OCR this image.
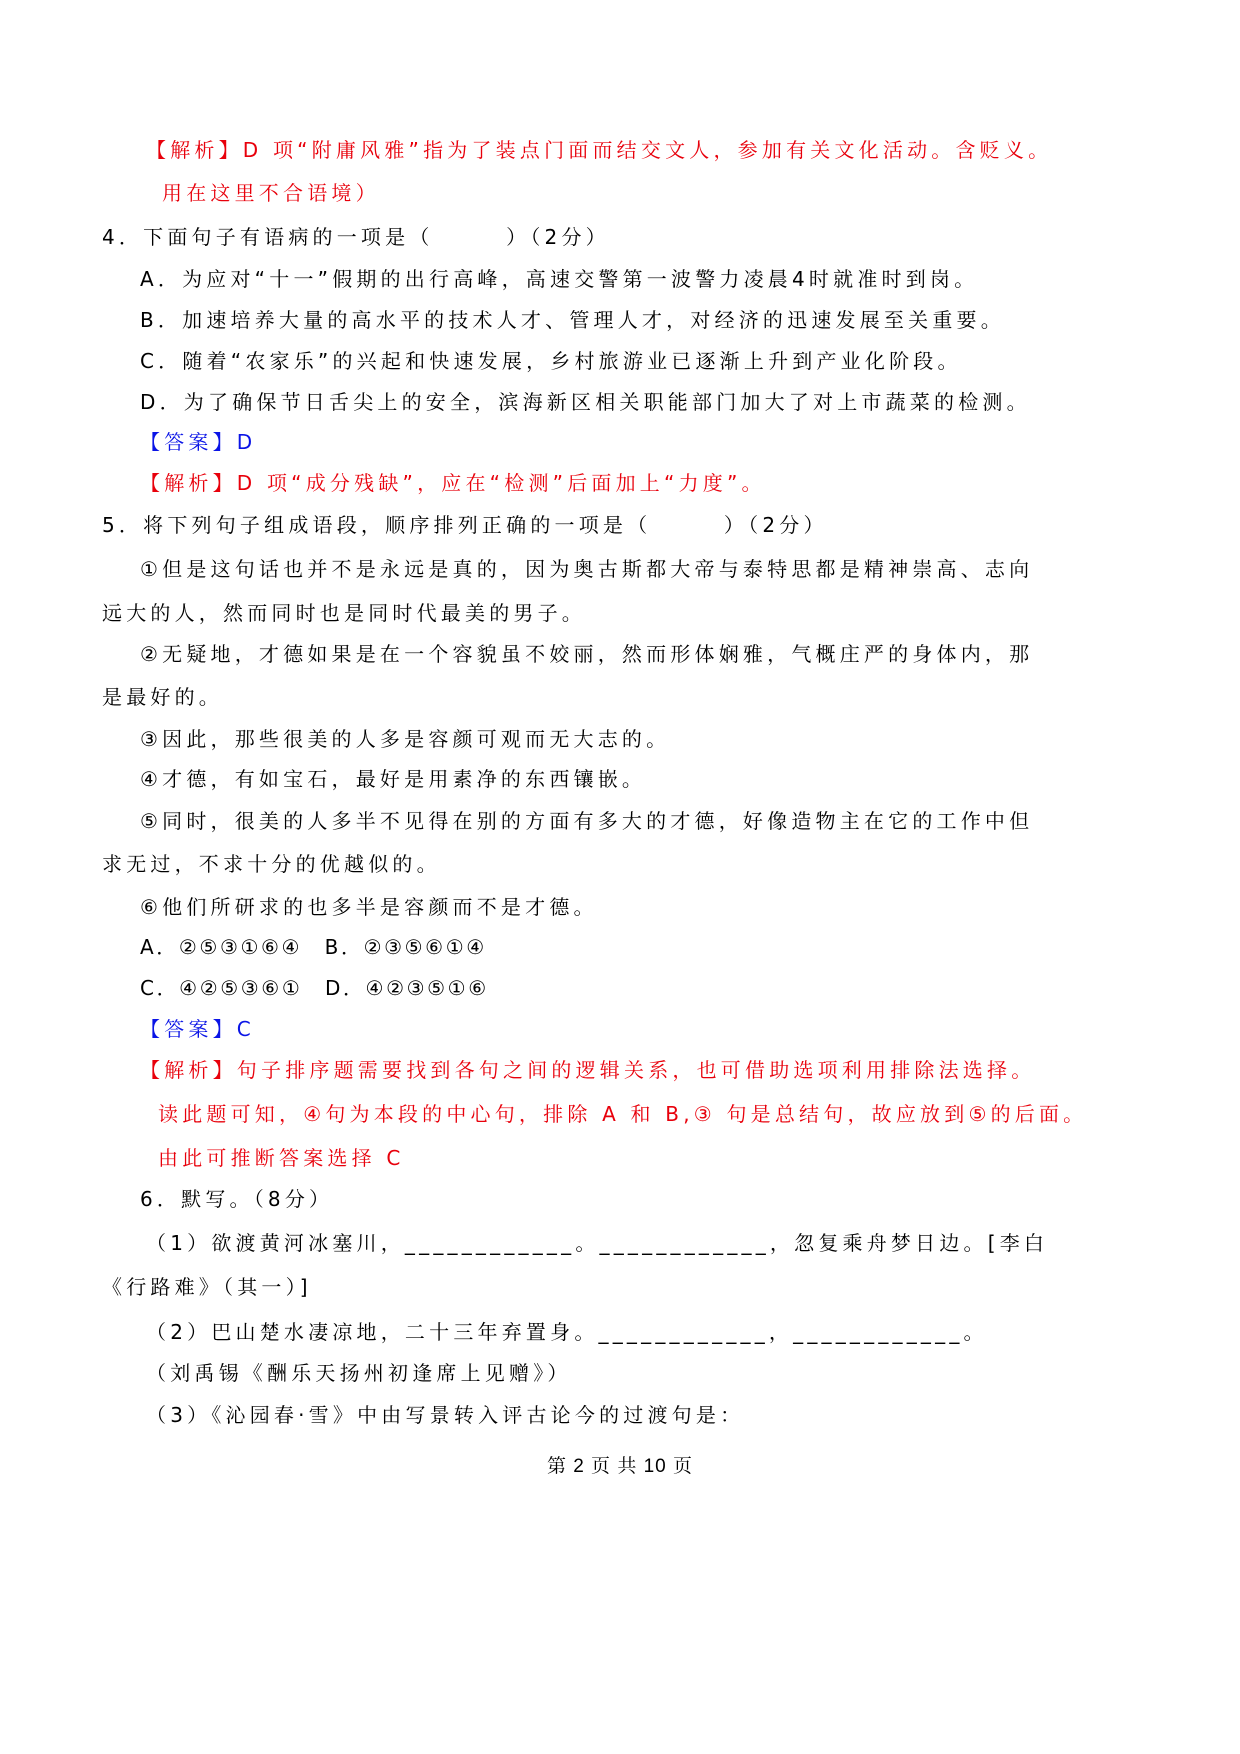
【解析】D 项“附庸风雅”指为了装点门面而结交文人，参加有关文化活动。含贬义。
用在这里不合语境）
4．下面句子有语病的一项是（　　　）（2分）
A．为应对“十一”假期的出行高峰，高速交警第一波警力凌晨4时就准时到岗。
B．加速培养大量的高水平的技术人才、管理人才，对经济的迅速发展至关重要。
C．随着“农家乐”的兴起和快速发展，乡村旅游业已逐渐上升到产业化阶段。
D．为了确保节日舌尖上的安全，滨海新区相关职能部门加大了对上市蔬菜的检测。
【答案】D
【解析】D 项“成分残缺”，应在“检测”后面加上“力度”。
5．将下列句子组成语段，顺序排列正确的一项是（　　　）（2分）
①但是这句话也并不是永远是真的，因为奥古斯都大帝与泰特思都是精神崇高、志向
远大的人，然而同时也是同时代最美的男子。
②无疑地，才德如果是在一个容貌虽不姣丽，然而形体娴雅，气概庄严的身体内，那
是最好的。
③因此，那些很美的人多是容颜可观而无大志的。
④才德，有如宝石，最好是用素净的东西镶嵌。
⑤同时，很美的人多半不见得在别的方面有多大的才德，好像造物主在它的工作中但
求无过，不求十分的优越似的。
⑥他们所研求的也多半是容颜而不是才德。
A．②⑤③①⑥④　B．②③⑤⑥①④
C．④②⑤③⑥①　D．④②③⑤①⑥
【答案】C
【解析】句子排序题需要找到各句之间的逻辑关系，也可借助选项利用排除法选择。
读此题可知，④句为本段的中心句，排除 A 和 B,③ 句是总结句，故应放到⑤的后面。
由此可推断答案选择 C
6．默写。（8分）
（1）欲渡黄河冰塞川，____________。____________，忽复乘舟梦日边。[李白
《行路难》（其一）]
（2）巴山楚水凄凉地，二十三年弃置身。____________，____________。
（刘禹锡《酬乐天扬州初逢席上见赠》）
（3）《沁园春·雪》中由写景转入评古论今的过渡句是：
第 2 页 共 10 页
